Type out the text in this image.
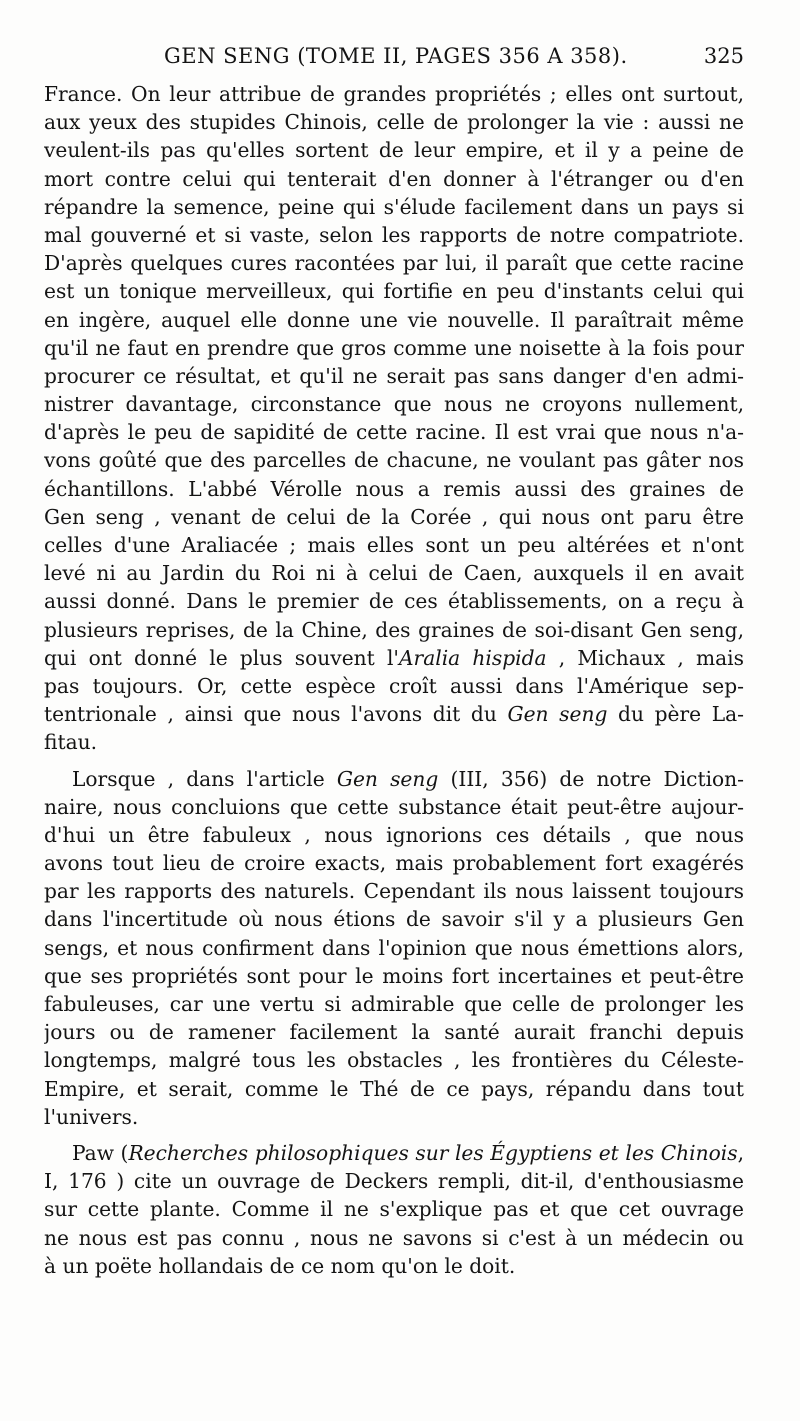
GEN SENG (TOME II, PAGES 356 A 358).	325
France. On leur attribue de grandes propriétés ; elles ont surtout,
aux yeux des stupides Chinois, celle de prolonger la vie : aussi ne
veulent-ils pas qu'elles sortent de leur empire, et il y a peine de
mort contre celui qui tenterait d'en donner à l'étranger ou d'en
répandre la semence, peine qui s'élude facilement dans un pays si
mal gouverné et si vaste, selon les rapports de notre compatriote.
D'après quelques cures racontées par lui, il paraît que cette racine
est un tonique merveilleux, qui fortifie en peu d'instants celui qui
en ingère, auquel elle donne une vie nouvelle. Il paraîtrait même
qu'il ne faut en prendre que gros comme une noisette à la fois pour
procurer ce résultat, et qu'il ne serait pas sans danger d'en admi-
nistrer davantage, circonstance que nous ne croyons nullement,
d'après le peu de sapidité de cette racine. Il est vrai que nous n'a-
vons goûté que des parcelles de chacune, ne voulant pas gâter nos
échantillons. L'abbé Vérolle nous a remis aussi des graines de
Gen seng , venant de celui de la Corée , qui nous ont paru être
celles d'une Araliacée ; mais elles sont un peu altérées et n'ont
levé ni au Jardin du Roi ni à celui de Caen, auxquels il en avait
aussi donné. Dans le premier de ces établissements, on a reçu à
plusieurs reprises, de la Chine, des graines de soi-disant Gen seng,
qui ont donné le plus souvent l'Aralia hispida , Michaux , mais
pas toujours. Or, cette espèce croît aussi dans l'Amérique sep-
tentrionale , ainsi que nous l'avons dit du Gen seng du père La-
fitau.
Lorsque , dans l'article Gen seng (III, 356) de notre Diction-
naire, nous concluions que cette substance était peut-être aujour-
d'hui un être fabuleux , nous ignorions ces détails , que nous
avons tout lieu de croire exacts, mais probablement fort exagérés
par les rapports des naturels. Cependant ils nous laissent toujours
dans l'incertitude où nous étions de savoir s'il y a plusieurs Gen
sengs, et nous confirment dans l'opinion que nous émettions alors,
que ses propriétés sont pour le moins fort incertaines et peut-être
fabuleuses, car une vertu si admirable que celle de prolonger les
jours ou de ramener facilement la santé aurait franchi depuis
longtemps, malgré tous les obstacles , les frontières du Céleste-
Empire, et serait, comme le Thé de ce pays, répandu dans tout
l'univers.
Paw (Recherches philosophiques sur les Égyptiens et les Chinois,
I, 176 ) cite un ouvrage de Deckers rempli, dit-il, d'enthousiasme
sur cette plante. Comme il ne s'explique pas et que cet ouvrage
ne nous est pas connu , nous ne savons si c'est à un médecin ou
à un poëte hollandais de ce nom qu'on le doit.
